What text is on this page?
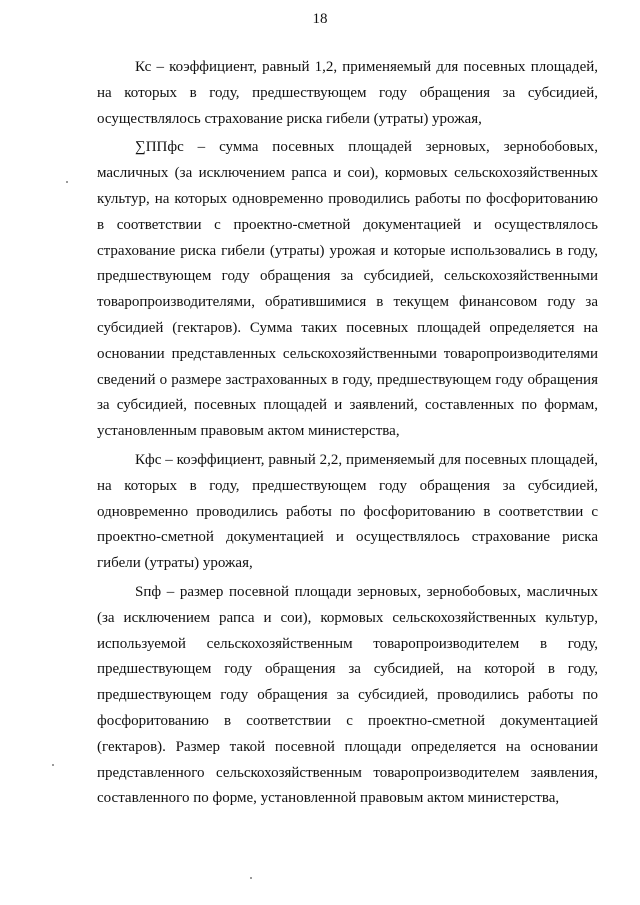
18

Кс – коэффициент, равный 1,2, применяемый для посевных площадей, на которых в году, предшествующем году обращения за субсидией, осуществлялось страхование риска гибели (утраты) урожая,

∑ППфс – сумма посевных площадей зерновых, зернобобовых, масличных (за исключением рапса и сои), кормовых сельскохозяйственных культур, на которых одновременно проводились работы по фосфоритованию в соответствии с проектно-сметной документацией и осуществлялось страхование риска гибели (утраты) урожая и которые использовались в году, предшествующем году обращения за субсидией, сельскохозяйственными товаропроизводителями, обратившимися в текущем финансовом году за субсидией (гектаров). Сумма таких посевных площадей определяется на основании представленных сельскохозяйственными товаропроизводителями сведений о размере застрахованных в году, предшествующем году обращения за субсидией, посевных площадей и заявлений, составленных по формам, установленным правовым актом министерства,

Кфс – коэффициент, равный 2,2, применяемый для посевных площадей, на которых в году, предшествующем году обращения за субсидией, одновременно проводились работы по фосфоритованию в соответствии с проектно-сметной документацией и осуществлялось страхование риска гибели (утраты) урожая,

Sпф – размер посевной площади зерновых, зернобобовых, масличных (за исключением рапса и сои), кормовых сельскохозяйственных культур, используемой сельскохозяйственным товаропроизводителем в году, предшествующем году обращения за субсидией, на которой в году, предшествующем году обращения за субсидией, проводились работы по фосфоритованию в соответствии с проектно-сметной документацией (гектаров). Размер такой посевной площади определяется на основании представленного сельскохозяйственным товаропроизводителем заявления, составленного по форме, установленной правовым актом министерства,
